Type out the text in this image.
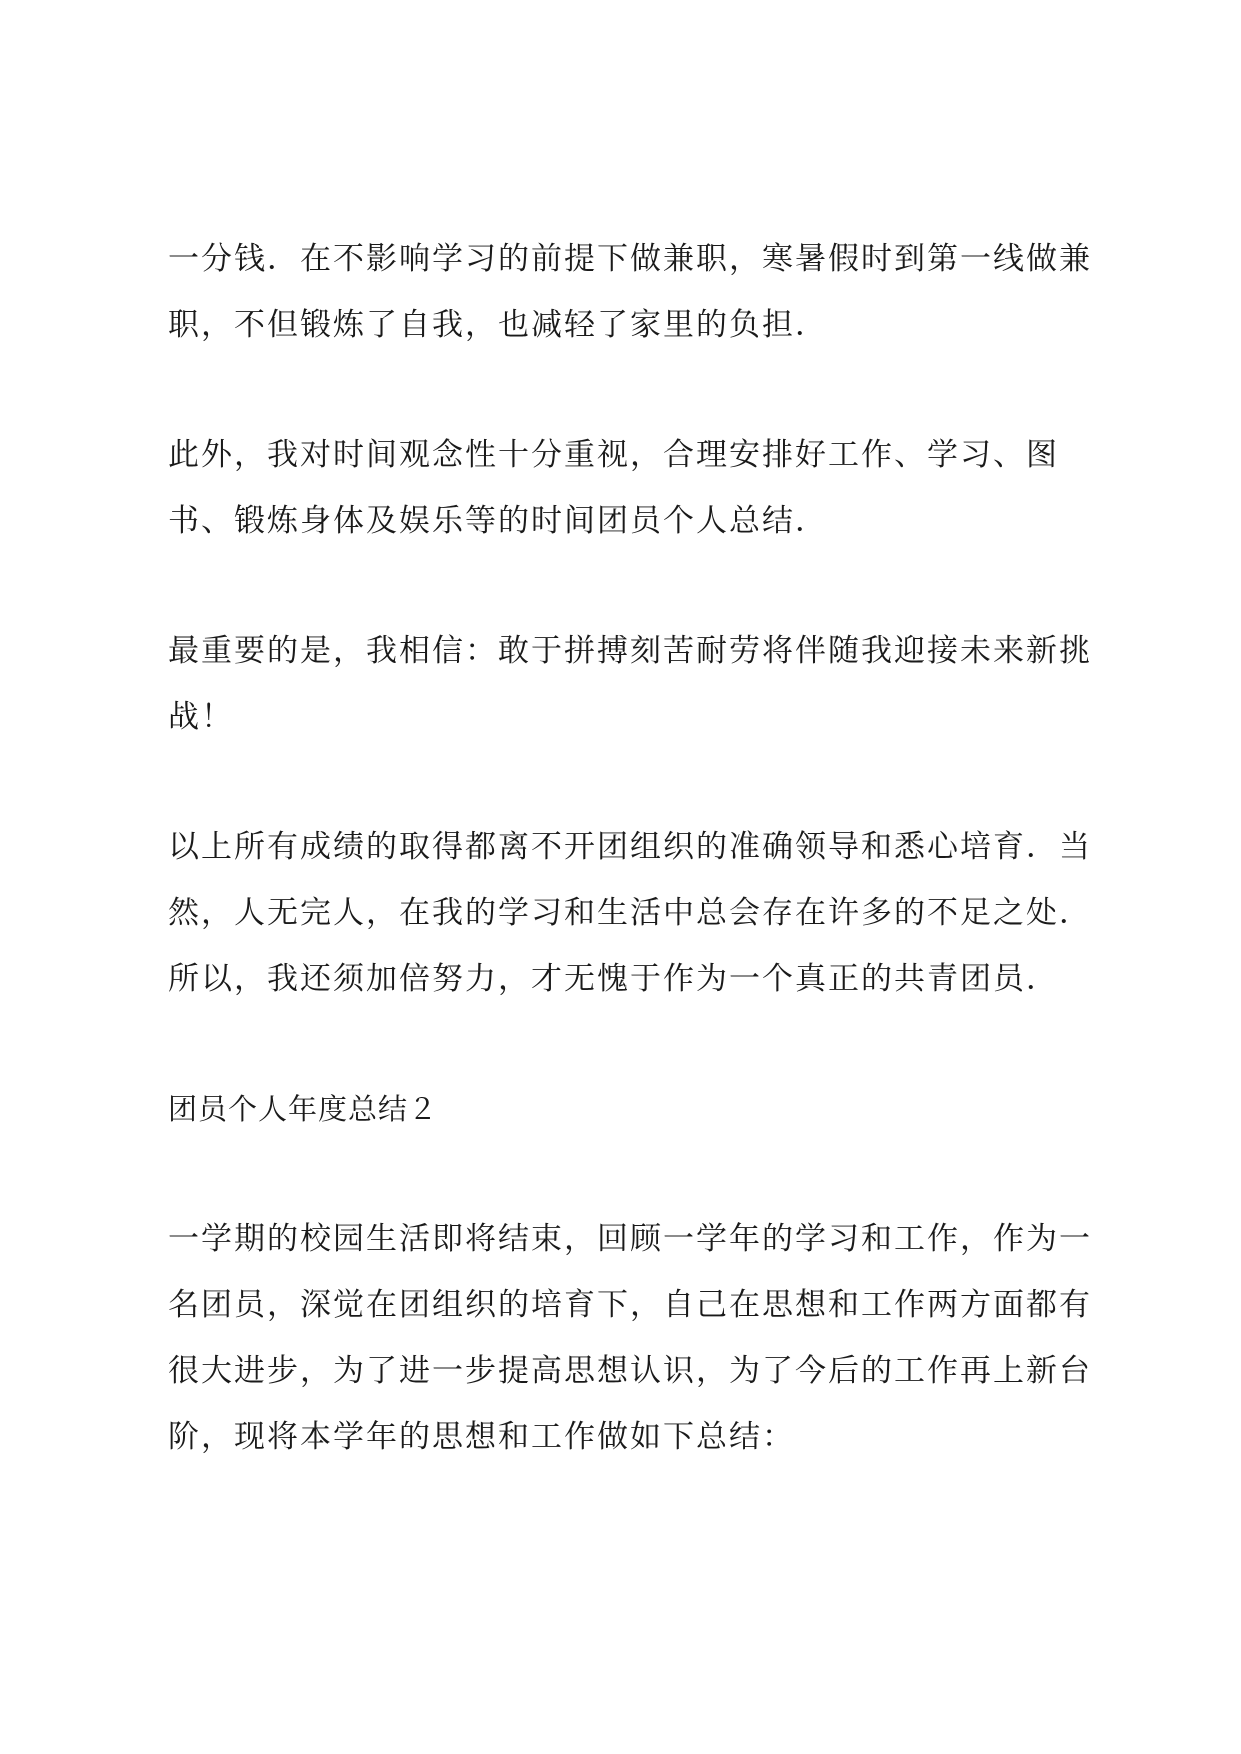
一分钱．在不影响学习的前提下做兼职，寒暑假时到第一线做兼
职，不但锻炼了自我，也减轻了家里的负担．
此外，我对时间观念性十分重视，合理安排好工作、学习、图
书、锻炼身体及娱乐等的时间团员个人总结．
最重要的是，我相信：敢于拼搏刻苦耐劳将伴随我迎接未来新挑
战！
以上所有成绩的取得都离不开团组织的准确领导和悉心培育．当
然，人无完人，在我的学习和生活中总会存在许多的不足之处．
所以，我还须加倍努力，才无愧于作为一个真正的共青团员．
团员个人年度总结２
一学期的校园生活即将结束，回顾一学年的学习和工作，作为一
名团员，深觉在团组织的培育下，自己在思想和工作两方面都有
很大进步，为了进一步提高思想认识，为了今后的工作再上新台
阶，现将本学年的思想和工作做如下总结：
